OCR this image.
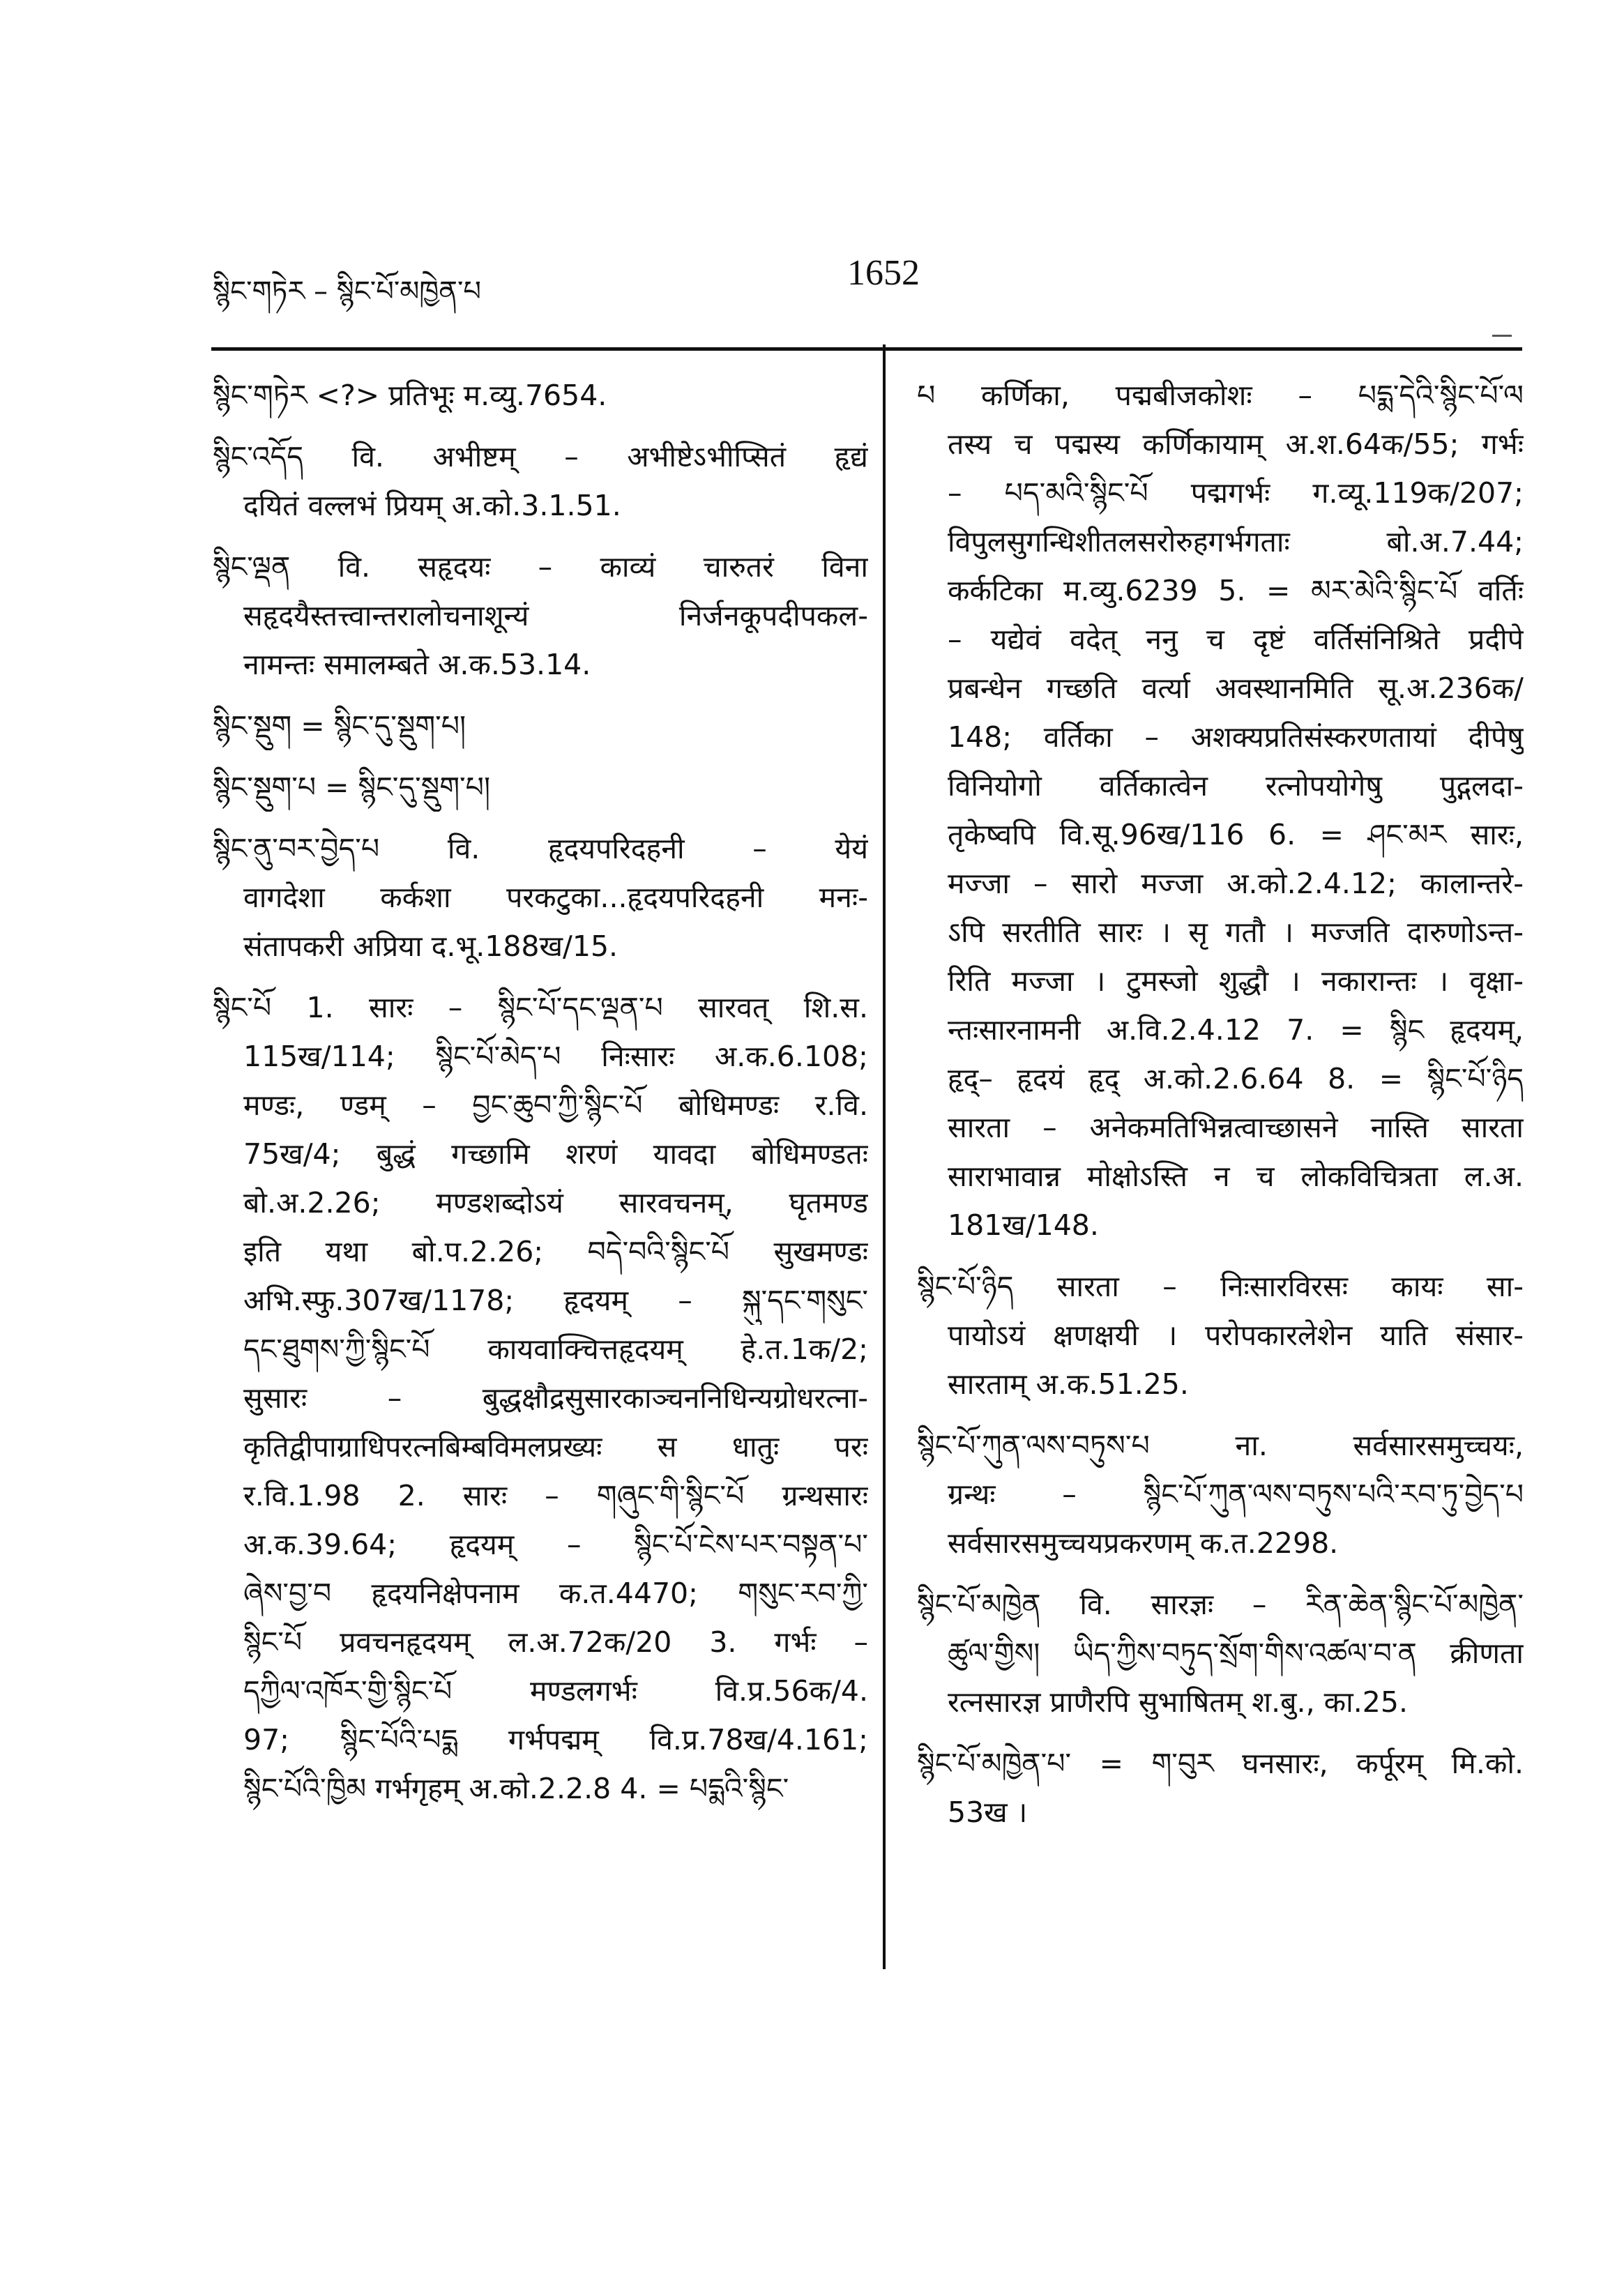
སྙིང་གཏེར – སྙིང་པོ་མཁྱེན་པ	1652
སྙིང་གཏེར <?> प्रतिभूः म.व्यु.7654.
སྙིང་འདོད वि. अभीष्टम् – अभीष्टेऽभीप्सितं हृद्यं
दयितं वल्लभं प्रियम् अ.को.3.1.51.
སྙིང་ལྡན वि. सहृदयः – काव्यं चारुतरं विना
सहृदयैस्तत्त्वान्तरालोचनाशून्यं निर्जनकूपदीपकल-
नामन्तः समालम्बते अ.क.53.14.
སྙིང་སྡུག = སྙིང་དུ་སྡུག་པ།
སྙིང་སྡུག་པ = སྙིང་དུ་སྡུག་པ།
སྙིང་ནུ་བར་བྱེད་པ वि. हृदयपरिदहनी – येयं
वागदेशा कर्कशा परकटुका...हृदयपरिदहनी मनः-
संतापकरी अप्रिया द.भू.188ख/15.
སྙིང་པོ 1. सारः – སྙིང་པོ་དང་ལྡན་པ सारवत् शि.स.
115ख/114; སྙིང་པོ་མེད་པ निःसारः अ.क.6.108;
मण्डः, ण्डम् – བྱང་ཆུབ་ཀྱི་སྙིང་པོ बोधिमण्डः र.वि.
75ख/4; बुद्धं गच्छामि शरणं यावदा बोधिमण्डतः
बो.अ.2.26; मण्डशब्दोऽयं सारवचनम्, घृतमण्ड
इति यथा बो.प.2.26; བདེ་བའི་སྙིང་པོ सुखमण्डः
अभि.स्फु.307ख/1178; हृदयम् – སྐུ་དང་གསུང་
དང་ཐུགས་ཀྱི་སྙིང་པོ कायवाक्चित्तहृदयम् हे.त.1क/2;
सुसारः – बुद्धक्षौद्रसुसारकाञ्चननिधिन्यग्रोधरत्ना-
कृतिद्वीपाग्राधिपरत्नबिम्बविमलप्रख्यः स धातुः परः
र.वि.1.98 2. सारः – གཞུང་གི་སྙིང་པོ ग्रन्थसारः
अ.क.39.64; हृदयम् – སྙིང་པོ་ངེས་པར་བསྟན་པ་
ཞེས་བྱ་བ हृदयनिक्षेपनाम क.त.4470; གསུང་རབ་ཀྱི་
སྙིང་པོ प्रवचनहृदयम् ल.अ.72क/20 3. गर्भः –
དཀྱིལ་འཁོར་གྱི་སྙིང་པོ मण्डलगर्भः वि.प्र.56क/4.
97; སྙིང་པོའི་པདྨ गर्भपद्मम् वि.प्र.78ख/4.161;
སྙིང་པོའི་ཁྱིམ गर्भगृहम् अ.को.2.2.8 4. = པདྨའི་སྙིང་
པ कर्णिका, पद्मबीजकोशः – པདྨ་དེའི་སྙིང་པོ་ལ
तस्य च पद्मस्य कर्णिकायाम् अ.श.64क/55; गर्भः
– པད་མའི་སྙིང་པོ पद्मगर्भः ग.व्यू.119क/207;
विपुलसुगन्धिशीतलसरोरुहगर्भगताः बो.अ.7.44;
कर्कटिका म.व्यु.6239 5. = མར་མེའི་སྙིང་པོ वर्तिः
– यद्येवं वदेत् ननु च दृष्टं वर्तिसंनिश्रिते प्रदीपे
प्रबन्धेन गच्छति वर्त्या अवस्थानमिति सू.अ.236क/
148; वर्तिका – अशक्यप्रतिसंस्करणतायां दीपेषु
विनियोगो वर्तिकात्वेन रत्नोपयोगेषु पुद्गलदा-
तृकेष्वपि वि.सू.96ख/116 6. = ཤང་མར सारः,
मज्जा – सारो मज्जा अ.को.2.4.12; कालान्तरे-
ऽपि सरतीति सारः । सृ गतौ । मज्जति दारुणोऽन्त-
रिति मज्जा । टुमस्जो शुद्धौ । नकारान्तः । वृक्षा-
न्तःसारनामनी अ.वि.2.4.12 7. = སྙིང हृदयम्,
हृद्– हृदयं हृद् अ.को.2.6.64 8. = སྙིང་པོ་ཉིད
सारता – अनेकमतिभिन्नत्वाच्छासने नास्ति सारता
साराभावान्न मोक्षोऽस्ति न च लोकविचित्रता ल.अ.
181ख/148.
སྙིང་པོ་ཉིད सारता – निःसारविरसः कायः सा-
पायोऽयं क्षणक्षयी । परोपकारलेशेन याति संसार-
सारताम् अ.क.51.25.
སྙིང་པོ་ཀུན་ལས་བཏུས་པ ना. सर्वसारसमुच्चयः,
ग्रन्थः – སྙིང་པོ་ཀུན་ལས་བཏུས་པའི་རབ་ཏུ་བྱེད་པ
सर्वसारसमुच्चयप्रकरणम् क.त.2298.
སྙིང་པོ་མཁྱེན वि. सारज्ञः – རིན་ཆེན་སྙིང་པོ་མཁྱེན་
ཚུལ་གྱིས། ཡིད་ཀྱིས་བཏུད་སྲོག་གིས་འཚལ་བ་ན क्रीणता
रत्नसारज्ञ प्राणैरपि सुभाषितम् श.बु., का.25.
སྙིང་པོ་མཁྱེན་པ་ = ག་བུར घनसारः, कर्पूरम् मि.को.
53ख ।
